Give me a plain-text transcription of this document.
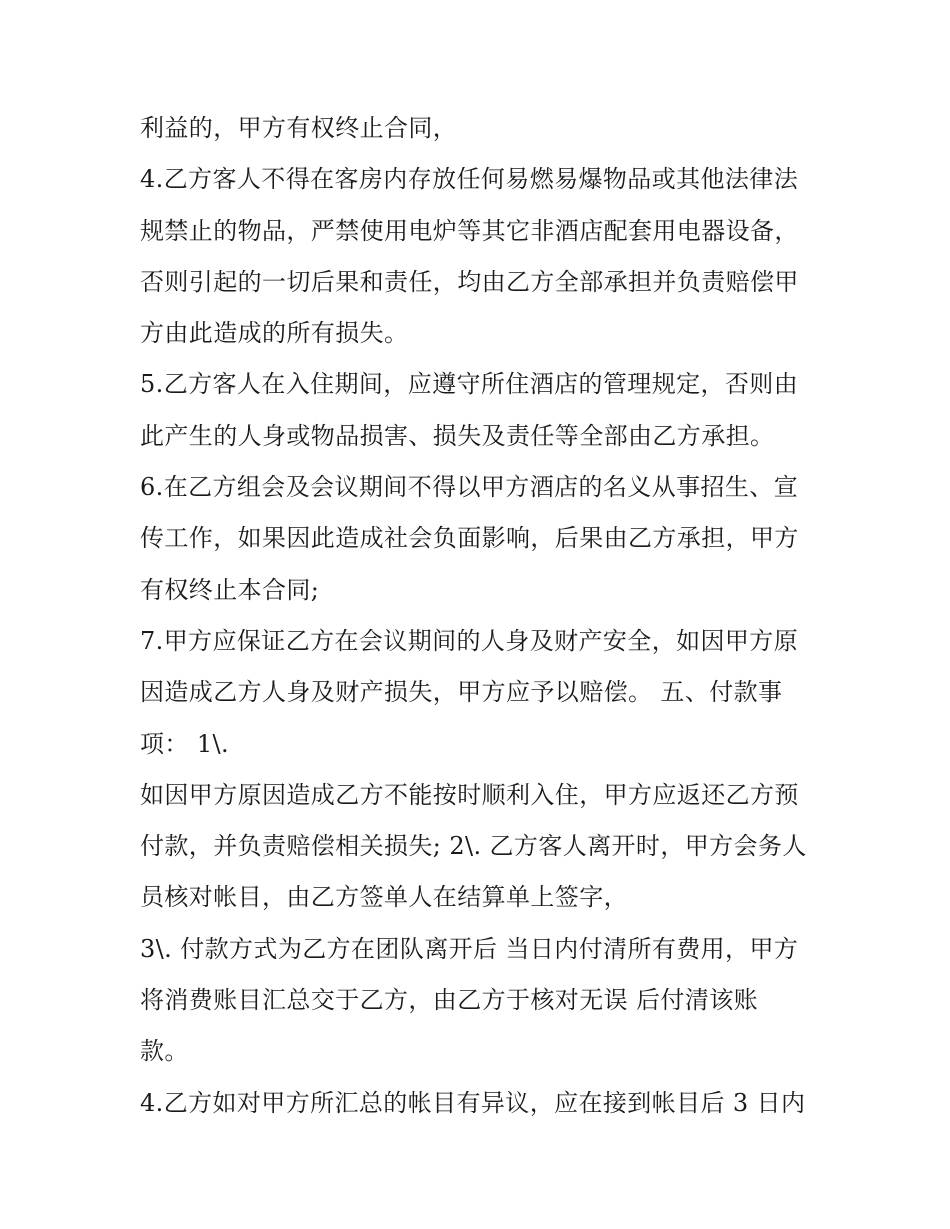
利益的，甲方有权终止合同，
4.乙方客人不得在客房内存放任何易燃易爆物品或其他法律法
规禁止的物品，严禁使用电炉等其它非酒店配套用电器设备，
否则引起的一切后果和责任，均由乙方全部承担并负责赔偿甲
方由此造成的所有损失。
5.乙方客人在入住期间，应遵守所住酒店的管理规定，否则由
此产生的人身或物品损害、损失及责任等全部由乙方承担。
6.在乙方组会及会议期间不得以甲方酒店的名义从事招生、宣
传工作，如果因此造成社会负面影响，后果由乙方承担，甲方
有权终止本合同;
7.甲方应保证乙方在会议期间的人身及财产安全，如因甲方原
因造成乙方人身及财产损失，甲方应予以赔偿。 五、付款事
项： 1\.
如因甲方原因造成乙方不能按时顺利入住，甲方应返还乙方预
付款，并负责赔偿相关损失; 2\. 乙方客人离开时，甲方会务人
员核对帐目，由乙方签单人在结算单上签字，
3\. 付款方式为乙方在团队离开后 当日内付清所有费用，甲方
将消费账目汇总交于乙方，由乙方于核对无误 后付清该账
款。
4.乙方如对甲方所汇总的帐目有异议，应在接到帐目后 3 日内
